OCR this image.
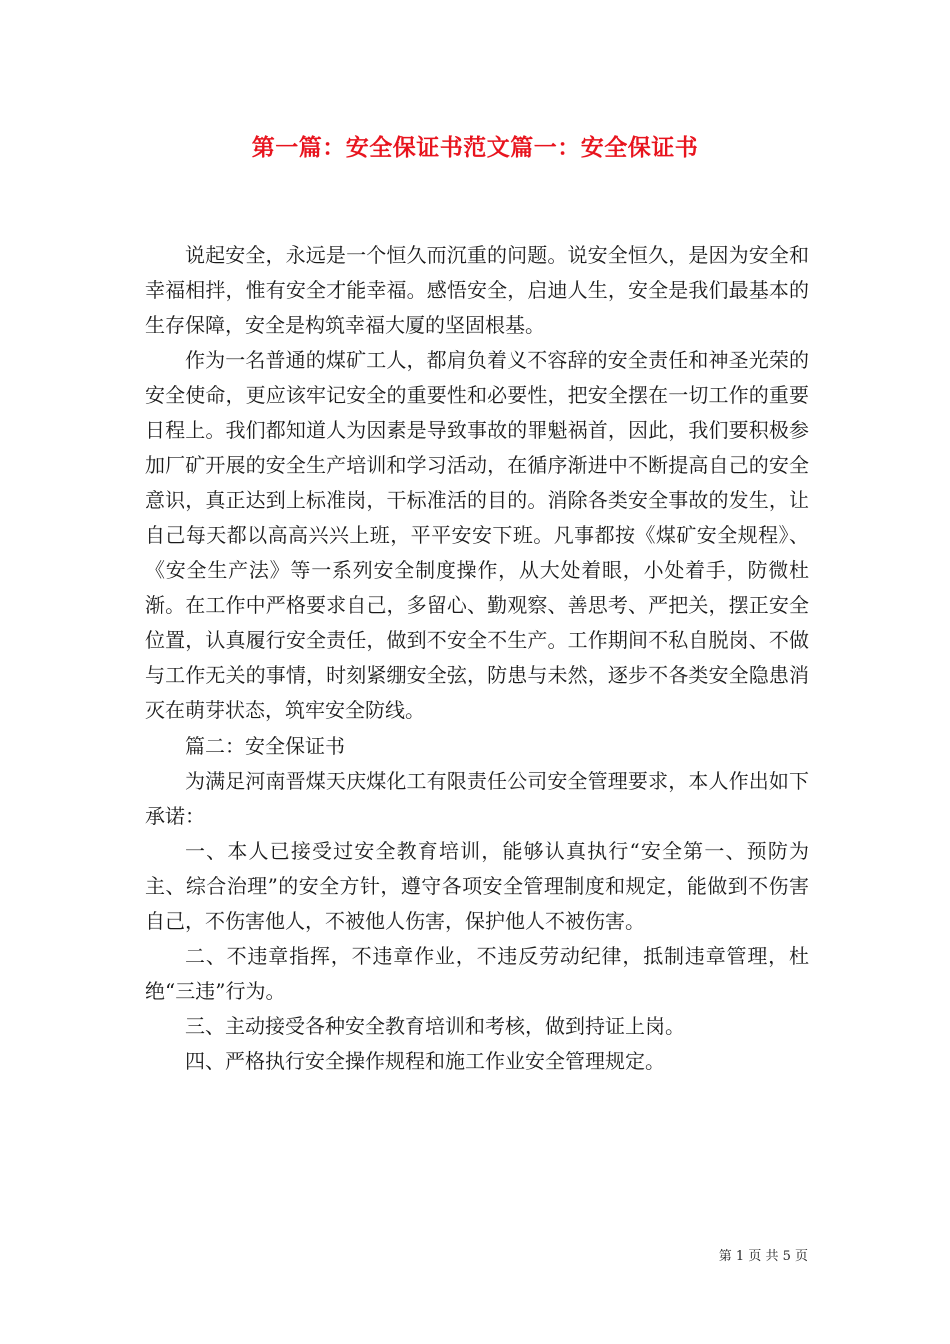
第一篇：安全保证书范文篇一：安全保证书

说起安全，永远是一个恒久而沉重的问题。说安全恒久，是因为安全和幸福相拌，惟有安全才能幸福。感悟安全，启迪人生，安全是我们最基本的生存保障，安全是构筑幸福大厦的坚固根基。

作为一名普通的煤矿工人，都肩负着义不容辞的安全责任和神圣光荣的安全使命，更应该牢记安全的重要性和必要性，把安全摆在一切工作的重要日程上。我们都知道人为因素是导致事故的罪魁祸首，因此，我们要积极参加厂矿开展的安全生产培训和学习活动，在循序渐进中不断提高自己的安全意识，真正达到上标准岗，干标准活的目的。消除各类安全事故的发生，让自己每天都以高高兴兴上班，平平安安下班。凡事都按《煤矿安全规程》、《安全生产法》等一系列安全制度操作，从大处着眼，小处着手，防微杜渐。在工作中严格要求自己，多留心、勤观察、善思考、严把关，摆正安全位置，认真履行安全责任，做到不安全不生产。工作期间不私自脱岗、不做与工作无关的事情，时刻紧绷安全弦，防患与未然，逐步不各类安全隐患消灭在萌芽状态，筑牢安全防线。

篇二：安全保证书

为满足河南晋煤天庆煤化工有限责任公司安全管理要求，本人作出如下承诺：

一、本人已接受过安全教育培训，能够认真执行“安全第一、预防为主、综合治理”的安全方针，遵守各项安全管理制度和规定，能做到不伤害自己，不伤害他人，不被他人伤害，保护他人不被伤害。

二、不违章指挥，不违章作业，不违反劳动纪律，抵制违章管理，杜绝“三违”行为。

三、主动接受各种安全教育培训和考核，做到持证上岗。

四、严格执行安全操作规程和施工作业安全管理规定。

第 1 页 共 5 页
